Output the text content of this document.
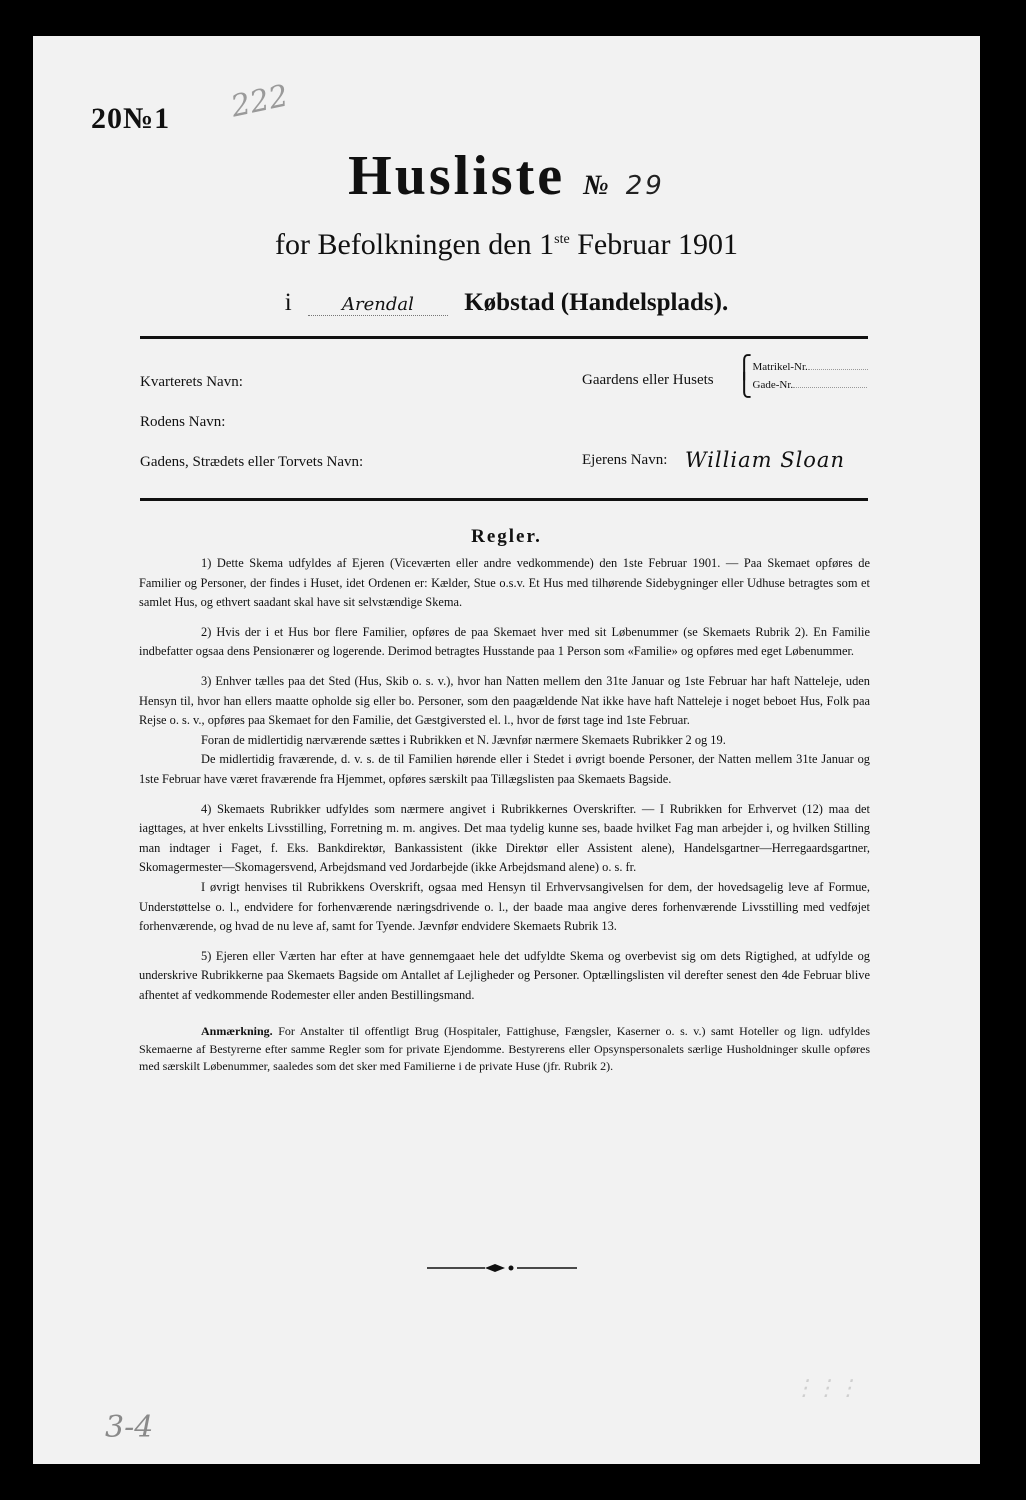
20№1 222
Husliste № 29
for Befolkningen den 1ste Februar 1901
i	Arendal Købstad (Handelsplads).
Kvarterets Navn:	Gaardens eller Husets
⎧Matrikel-Nr.
⎩Gade-Nr.
Rodens Navn:
Gadens, Strædets eller Torvets Navn:	Ejerens Navn: William Sloan
Regler.

1) Dette Skema udfyldes af Ejeren (Viceværten eller andre vedkommende) den 1ste Februar 1901. — Paa Skemaet opføres de Familier og Personer, der findes i Huset, idet Ordenen er: Kælder, Stue o.s.v. Et Hus med tilhørende Sidebygninger eller Udhuse betragtes som et samlet Hus, og ethvert saadant skal have sit selvstændige Skema.

2) Hvis der i et Hus bor flere Familier, opføres de paa Skemaet hver med sit Løbenummer (se Skemaets Rubrik 2). En Familie indbefatter ogsaa dens Pensionærer og logerende. Derimod betragtes Husstande paa 1 Person som «Familie» og opføres med eget Løbenummer.

3) Enhver tælles paa det Sted (Hus, Skib o. s. v.), hvor han Natten mellem den 31te Januar og 1ste Februar har haft Natteleje, uden Hensyn til, hvor han ellers maatte opholde sig eller bo. Personer, som den paagældende Nat ikke have haft Natteleje i noget beboet Hus, Folk paa Rejse o. s. v., opføres paa Skemaet for den Familie, det Gæstgiversted el. l., hvor de først tage ind 1ste Februar.

Foran de midlertidig nærværende sættes i Rubrikken et N. Jævnfør nærmere Skemaets Rubrikker 2 og 19.

De midlertidig fraværende, d. v. s. de til Familien hørende eller i Stedet i øvrigt boende Personer, der Natten mellem 31te Januar og 1ste Februar have været fraværende fra Hjemmet, opføres særskilt paa Tillægslisten paa Skemaets Bagside.

4) Skemaets Rubrikker udfyldes som nærmere angivet i Rubrikkernes Overskrifter. — I Rubrikken for Erhvervet (12) maa det iagttages, at hver enkelts Livsstilling, Forretning m. m. angives. Det maa tydelig kunne ses, baade hvilket Fag man arbejder i, og hvilken Stilling man indtager i Faget, f. Eks. Bankdirektør, Bankassistent (ikke Direktør eller Assistent alene), Handelsgartner—Herregaardsgartner, Skomagermester—Skomagersvend, Arbejdsmand ved Jordarbejde (ikke Arbejdsmand alene) o. s. fr.

I øvrigt henvises til Rubrikkens Overskrift, ogsaa med Hensyn til Erhvervsangivelsen for dem, der hovedsagelig leve af Formue, Understøttelse o. l., endvidere for forhenværende næringsdrivende o. l., der baade maa angive deres forhenværende Livsstilling med vedføjet forhenværende, og hvad de nu leve af, samt for Tyende. Jævnfør endvidere Skemaets Rubrik 13.

5) Ejeren eller Værten har efter at have gennemgaaet hele det udfyldte Skema og overbevist sig om dets Rigtighed, at udfylde og underskrive Rubrikkerne paa Skemaets Bagside om Antallet af Lejligheder og Personer. Optællingslisten vil derefter senest den 4de Februar blive afhentet af vedkommende Rodemester eller anden Bestillingsmand.

Anmærkning. For Anstalter til offentligt Brug (Hospitaler, Fattighuse, Fængsler, Kaserner o. s. v.) samt Hoteller og lign. udfyldes Skemaerne af Bestyrerne efter samme Regler som for private Ejendomme. Bestyrerens eller Opsynspersonalets særlige Husholdninger skulle opføres med særskilt Løbenummer, saaledes som det sker med Familierne i de private Huse (jfr. Rubrik 2).

⋮⋮⋮
3-4
